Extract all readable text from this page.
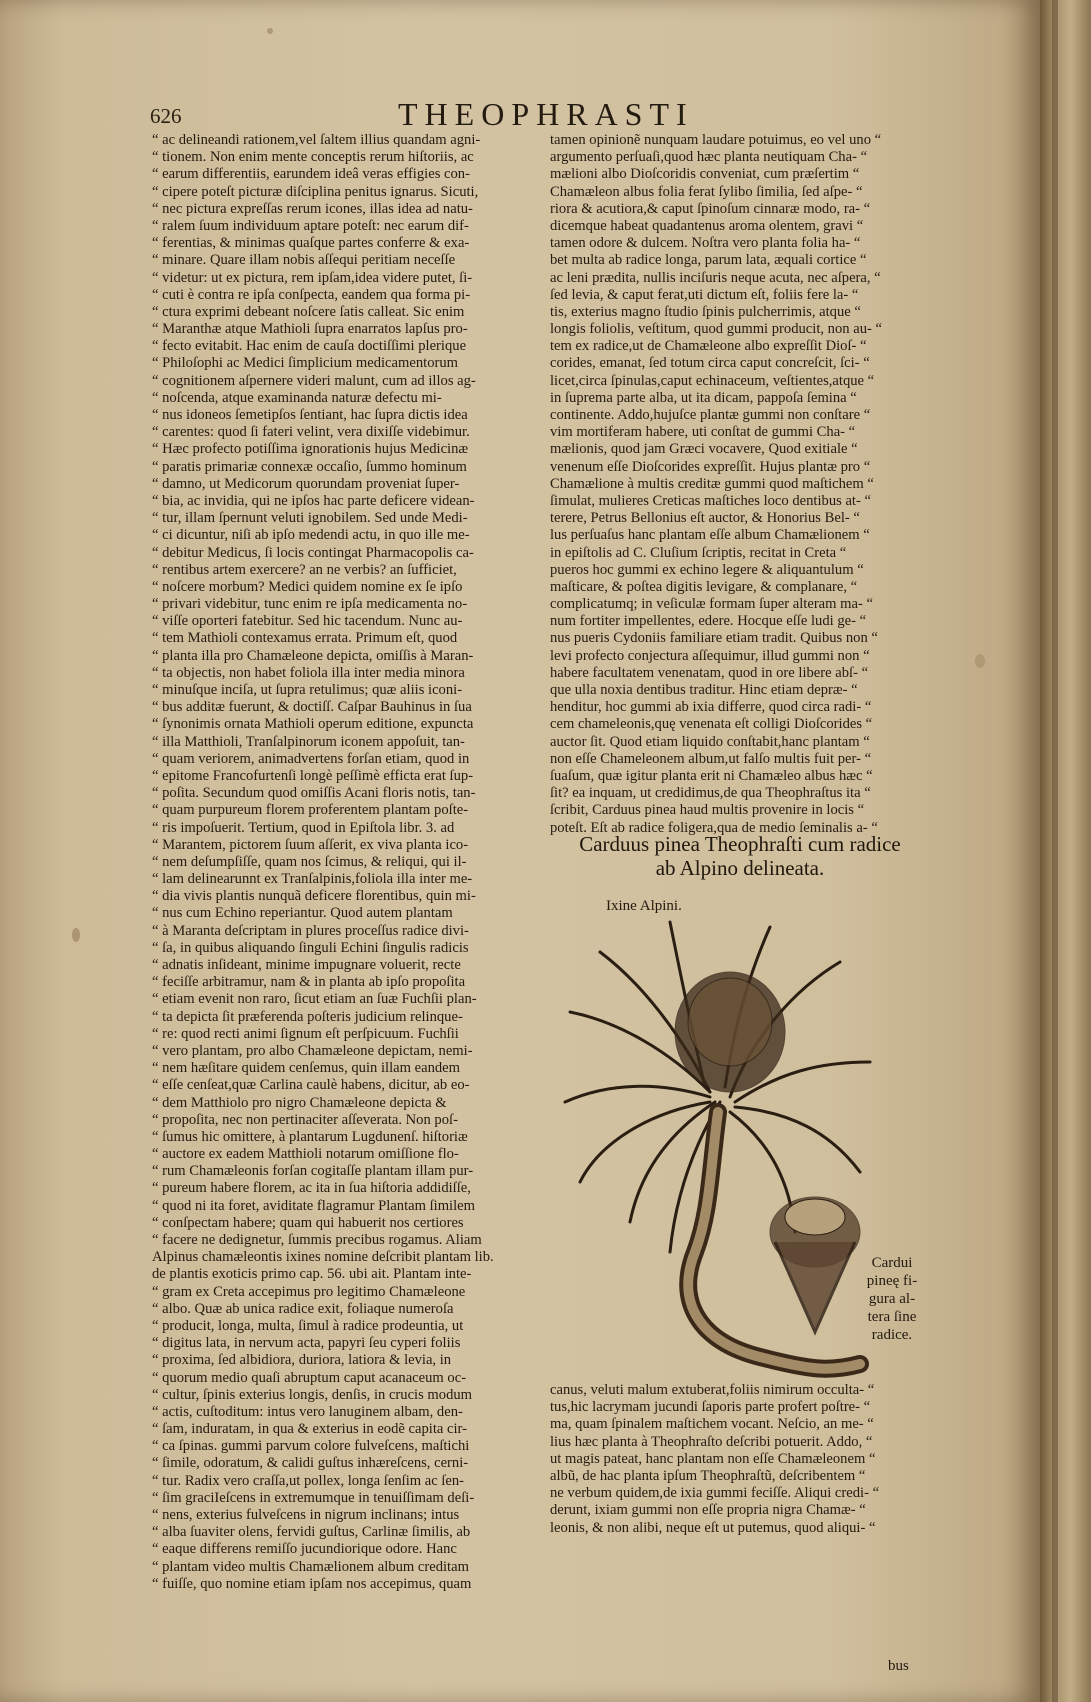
626	THEOPHRASTI
“ ac delineandi rationem,vel ſaltem illius quandam agni-
“ tionem. Non enim mente conceptis rerum hiſtoriis, ac
“ earum differentiis, earundem ideâ veras effigies con-
“ cipere poteſt picturæ diſciplina penitus ignarus. Sicuti,
“ nec pictura expreſſas rerum icones, illas idea ad natu-
“ ralem ſuum individuum aptare poteſt: nec earum dif-
“ ferentias, & minimas quaſque partes conferre & exa-
“ minare. Quare illam nobis aſſequi peritiam neceſſe
“ videtur: ut ex pictura, rem ipſam,idea videre putet, ſi-
“ cuti è contra re ipſa conſpecta, eandem qua forma pi-
“ ctura exprimi debeant noſcere ſatis calleat. Sic enim
“ Maranthæ atque Mathioli ſupra enarratos lapſus pro-
“ fecto evitabit. Hac enim de cauſa doctiſſimi plerique
“ Philoſophi ac Medici ſimplicium medicamentorum
“ cognitionem aſpernere videri malunt, cum ad illos ag-
“ noſcenda, atque examinanda naturæ defectu mi-
“ nus idoneos ſemetipſos ſentiant, hac ſupra dictis idea
“ carentes: quod ſi fateri velint, vera dixiſſe videbimur.
“ Hæc profecto potiſſima ignorationis hujus Medicinæ
“ paratis primariæ connexæ occaſio, ſummo hominum
“ damno, ut Medicorum quorundam proveniat ſuper-
“ bia, ac invidia, qui ne ipſos hac parte deficere videan-
“ tur, illam ſpernunt veluti ignobilem. Sed unde Medi-
“ ci dicuntur, niſi ab ipſo medendi actu, in quo ille me-
“ debitur Medicus, ſi locis contingat Pharmacopolis ca-
“ rentibus artem exercere? an ne verbis? an ſufficiet,
“ noſcere morbum? Medici quidem nomine ex ſe ipſo
“ privari videbitur, tunc enim re ipſa medicamenta no-
“ viſſe oporteri fatebitur. Sed hic tacendum. Nunc au-
“ tem Mathioli contexamus errata. Primum eſt, quod
“ planta illa pro Chamæleone depicta, omiſſis à Maran-
“ ta objectis, non habet foliola illa inter media minora
“ minuſque inciſa, ut ſupra retulimus; quæ aliis iconi-
“ bus additæ fuerunt, & doctiſſ. Caſpar Bauhinus in ſua
“ ſynonimis ornata Mathioli operum editione, expuncta
“ illa Matthioli, Tranſalpinorum iconem appoſuit, tan-
“ quam veriorem, animadvertens forſan etiam, quod in
“ epitome Francofurtenſi longè peſſimè efficta erat ſup-
“ poſita. Secundum quod omiſſis Acani floris notis, tan-
“ quam purpureum florem proferentem plantam poſte-
“ ris impoſuerit. Tertium, quod in Epiſtola libr. 3. ad
“ Marantem, pictorem ſuum aſſerit, ex viva planta ico-
“ nem deſumpſiſſe, quam nos ſcimus, & reliqui, qui il-
“ lam delinearunnt ex Tranſalpinis,foliola illa inter me-
“ dia vivis plantis nunquã deficere florentibus, quin mi-
“ nus cum Echino reperiantur. Quod autem plantam
“ à Maranta deſcriptam in plures proceſſus radice divi-
“ ſa, in quibus aliquando ſinguli Echini ſingulis radicis
“ adnatis inſideant, minime impugnare voluerit, recte
“ feciſſe arbitramur, nam & in planta ab ipſo propoſita
“ etiam evenit non raro, ſicut etiam an ſuæ Fuchſii plan-
“ ta depicta ſit præferenda poſteris judicium relinque-
“ re: quod recti animi ſignum eſt perſpicuum. Fuchſii
“ vero plantam, pro albo Chamæleone depictam, nemi-
“ nem hæſitare quidem cenſemus, quin illam eandem
“ eſſe cenſeat,quæ Carlina caulè habens, dicitur, ab eo-
“ dem Matthiolo pro nigro Chamæleone depicta &
“ propoſita, nec non pertinaciter aſſeverata. Non poſ-
“ ſumus hic omittere, à plantarum Lugdunenſ. hiſtoriæ
“ auctore ex eadem Matthioli notarum omiſſione flo-
“ rum Chamæleonis forſan cogitaſſe plantam illam pur-
“ pureum habere florem, ac ita in ſua hiſtoria addidiſſe,
“ quod ni ita foret, aviditate flagramur Plantam ſimilem
“ conſpectam habere; quam qui habuerit nos certiores
“ facere ne dedignetur, ſummis precibus rogamus. Aliam
Alpinus chamæleontis ixines nomine deſcribit plantam lib.
de plantis exoticis primo cap. 56. ubi ait. Plantam inte-
“ gram ex Creta accepimus pro legitimo Chamæleone
“ albo. Quæ ab unica radice exit, foliaque numeroſa
“ producit, longa, multa, ſimul à radice prodeuntia, ut
“ digitus lata, in nervum acta, papyri ſeu cyperi foliis
“ proxima, ſed albidiora, duriora, latiora & levia, in
“ quorum medio quaſi abruptum caput acanaceum oc-
“ cultur, ſpinis exterius longis, denſis, in crucis modum
“ actis, cuſtoditum: intus vero lanuginem albam, den-
“ ſam, induratam, in qua & exterius in eodẽ capita cir-
“ ca ſpinas. gummi parvum colore fulveſcens, maſtichi
“ ſimile, odoratum, & calidi guſtus inhæreſcens, cerni-
“ tur. Radix vero craſſa,ut pollex, longa ſenſim ac ſen-
“ ſim graciIeſcens in extremumque in tenuiſſimam deſi-
“ nens, exterius fulveſcens in nigrum inclinans; intus
“ alba ſuaviter olens, fervidi guſtus, Carlinæ ſimilis, ab
“ eaque differens remiſſo jucundiorique odore. Hanc
“ plantam video multis Chamælionem album creditam
“ fuiſſe, quo nomine etiam ipſam nos accepimus, quam
tamen opinionẽ nunquam laudare potuimus, eo vel uno “
argumento perſuaſi,quod hæc planta neutiquam Cha- “
mælioni albo Dioſcoridis conveniat, cum præſertim “
Chamæleon albus folia ferat ſylibo ſimilia, ſed aſpe- “
riora & acutiora,& caput ſpinoſum cinnaræ modo, ra- “
dicemque habeat quadantenus aroma olentem, gravi “
tamen odore & dulcem. Noſtra vero planta folia ha- “
bet multa ab radice longa, parum lata, æquali cortice “
ac leni prædita, nullis inciſuris neque acuta, nec aſpera, “
ſed levia, & caput ferat,uti dictum eſt, foliis fere la- “
tis, exterius magno ſtudio ſpinis pulcherrimis, atque “
longis foliolis, veſtitum, quod gummi producit, non au- “
tem ex radice,ut de Chamæleone albo expreſſit Dioſ- “
corides, emanat, ſed totum circa caput concreſcit, ſci- “
licet,circa ſpinulas,caput echinaceum, veſtientes,atque “
in ſuprema parte alba, ut ita dicam, pappoſa ſemina “
continente. Addo,hujuſce plantæ gummi non conſtare “
vim mortiferam habere, uti conſtat de gummi Cha- “
mælionis, quod jam Græci vocavere, Quod exitiale “
venenum eſſe Dioſcorides expreſſit. Hujus plantæ pro “
Chamælione à multis creditæ gummi quod maſtichem “
ſimulat, mulieres Creticas maſtiches loco dentibus at- “
terere, Petrus Bellonius eſt auctor, & Honorius Bel- “
lus perſuaſus hanc plantam eſſe album Chamælionem “
in epiſtolis ad C. Cluſium ſcriptis, recitat in Creta “
pueros hoc gummi ex echino legere & aliquantulum “
maſticare, & poſtea digitis levigare, & complanare, “
complicatumq; in veſiculæ formam ſuper alteram ma- “
num fortiter impellentes, edere. Hocque eſſe ludi ge- “
nus pueris Cydoniis familiare etiam tradit. Quibus non “
levi profecto conjectura aſſequimur, illud gummi non “
habere facultatem venenatam, quod in ore libere abſ- “
que ulla noxia dentibus traditur. Hinc etiam depræ- “
henditur, hoc gummi ab ixia differre, quod circa radi- “
cem chameleonis,quę venenata eſt colligi Dioſcorides “
auctor ſit. Quod etiam liquido conſtabit,hanc plantam “
non eſſe Chameleonem album,ut falſo multis fuit per- “
ſuaſum, quæ igitur planta erit ni Chamæleo albus hæc “
ſit? ea inquam, ut credidimus,de qua Theophraſtus ita “
ſcribit, Carduus pinea haud multis provenire in locis “
poteſt. Eſt ab radice foligera,qua de medio ſeminalis a- “
Carduus pinea Theophraſti cum radice
ab Alpino delineata.
Ixine Alpini.
Cardui
pineę fi-
gura al-
tera ſine
radice.
canus, veluti malum extuberat,foliis nimirum occulta- “
tus,hic lacrymam jucundi ſaporis parte profert poſtre- “
ma, quam ſpinalem maſtichem vocant. Neſcio, an me- “
lius hæc planta à Theophraſto deſcribi potuerit. Addo, “
ut magis pateat, hanc plantam non eſſe Chamæleonem “
albũ, de hac planta ipſum Theophraſtũ, deſcribentem “
ne verbum quidem,de ixia gummi feciſſe. Aliqui credi- “
derunt, ixiam gummi non eſſe propria nigra Chamæ- “
leonis, & non alibi, neque eſt ut putemus, quod aliqui- “
bus
